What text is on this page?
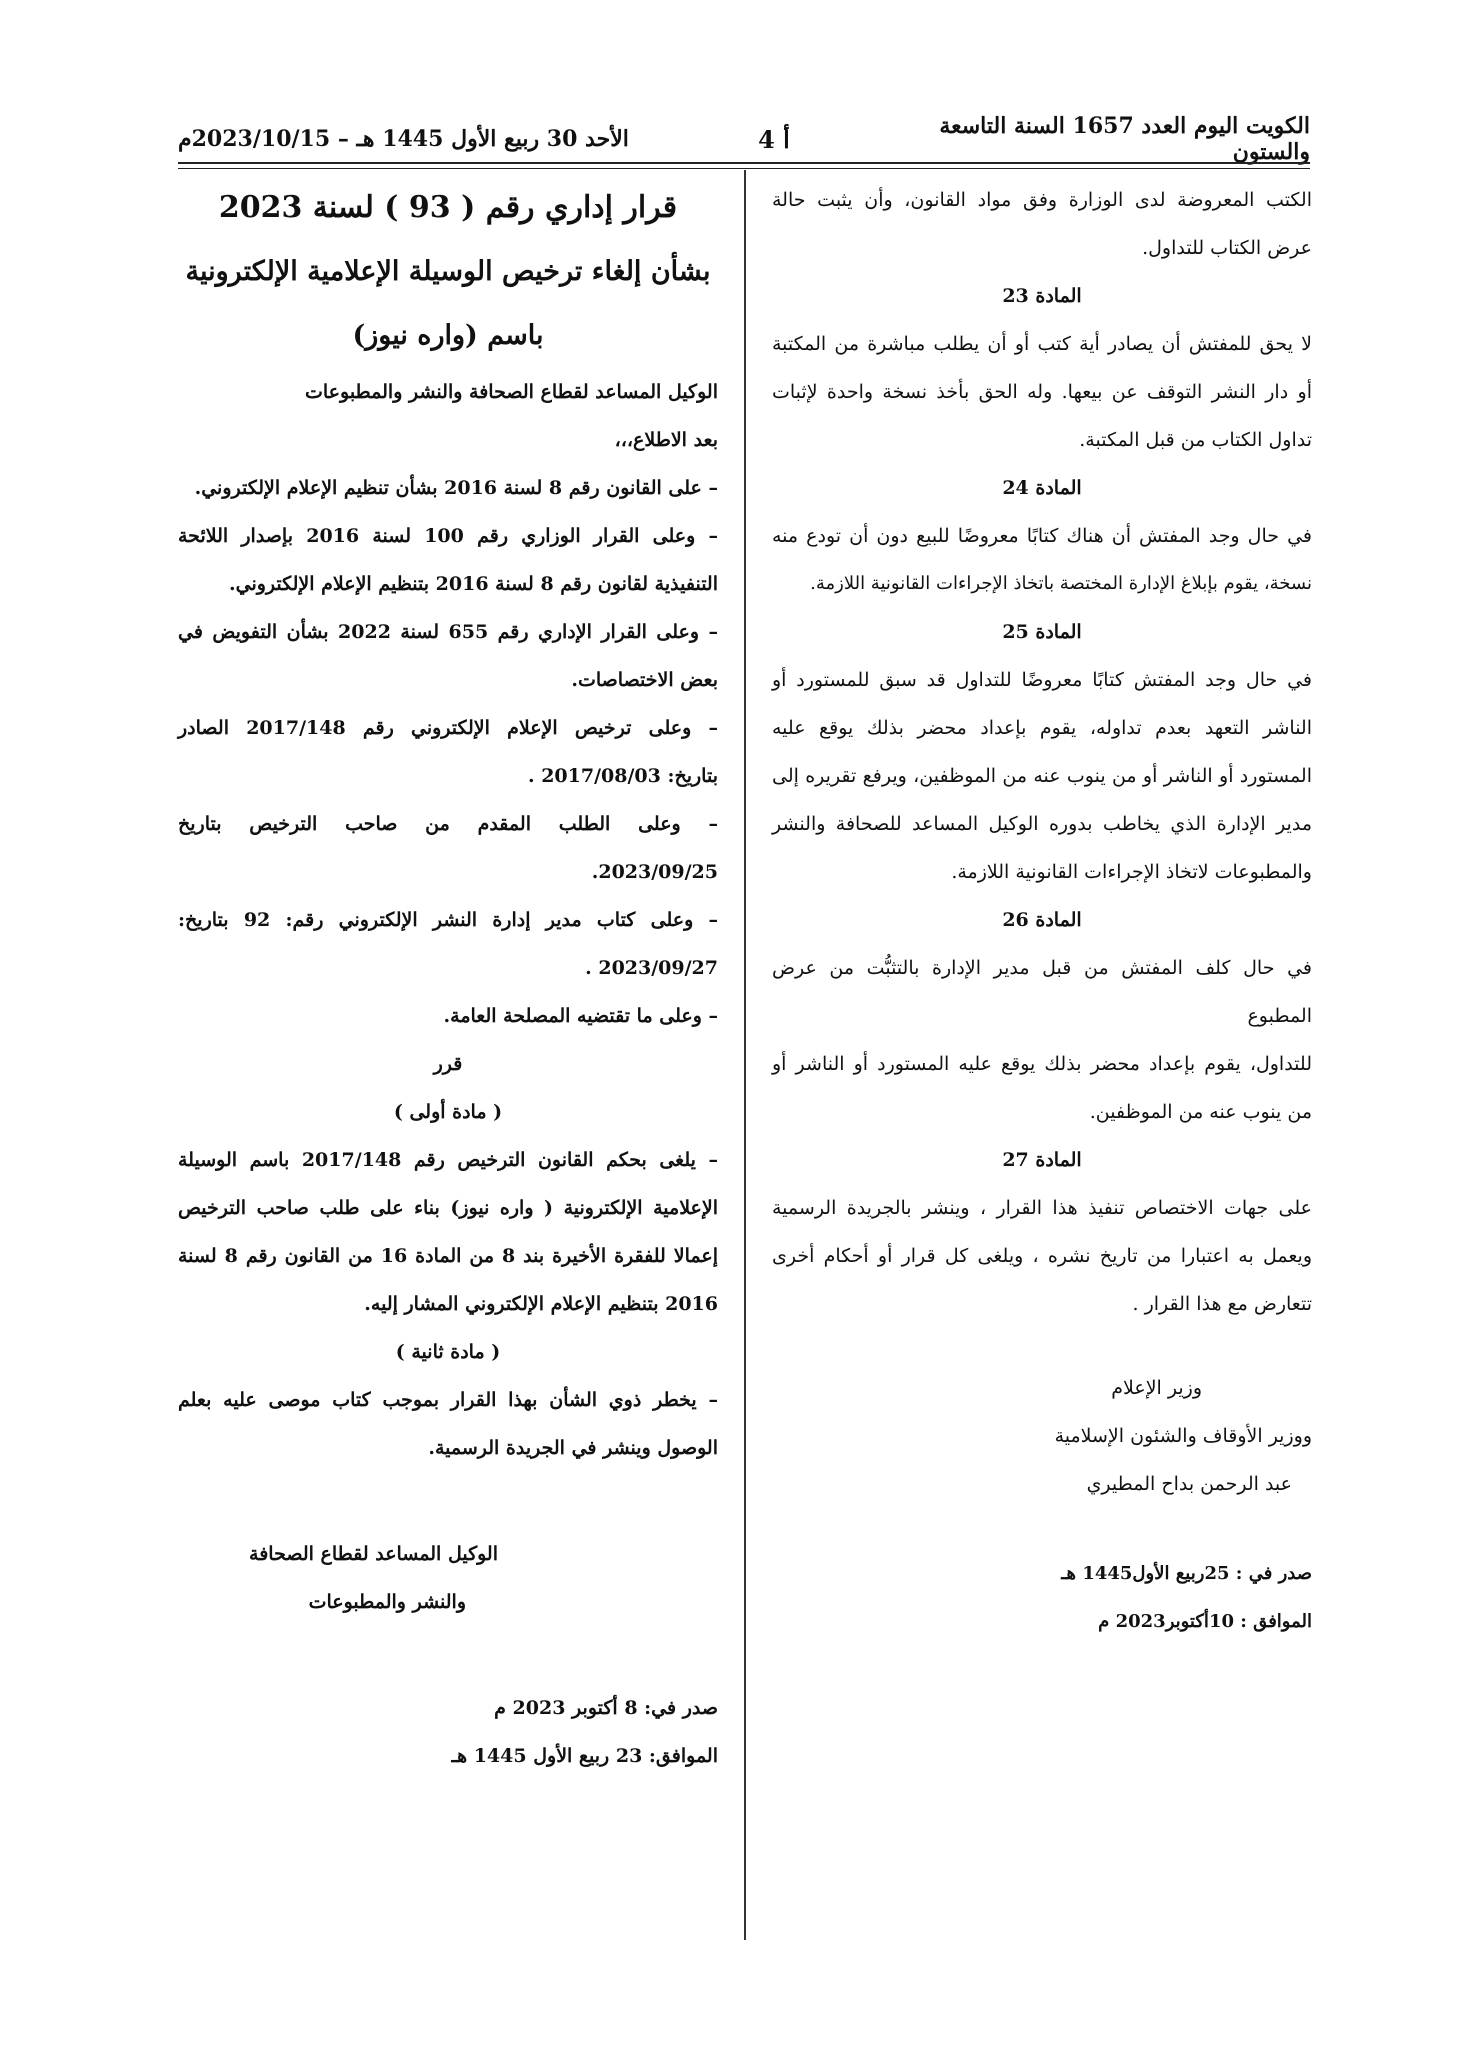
الكويت اليوم العدد 1657 السنة التاسعة والستون
أ 4
الأحد 30 ربيع الأول 1445 هـ – 2023/10/15م

الكتب المعروضة لدى الوزارة وفق مواد القانون، وأن يثبت حالة

عرض الكتاب للتداول.

المادة 23

لا يحق للمفتش أن يصادر أية كتب أو أن يطلب مباشرة من المكتبة

أو دار النشر التوقف عن بيعها. وله الحق بأخذ نسخة واحدة لإثبات

تداول الكتاب من قبل المكتبة.

المادة 24

في حال وجد المفتش أن هناك كتابًا معروضًا للبيع دون أن تودع منه

نسخة، يقوم بإبلاغ الإدارة المختصة باتخاذ الإجراءات القانونية اللازمة.

المادة 25

في حال وجد المفتش كتابًا معروضًا للتداول قد سبق للمستورد أو

الناشر التعهد بعدم تداوله، يقوم بإعداد محضر بذلك يوقع عليه

المستورد أو الناشر أو من ينوب عنه من الموظفين، ويرفع تقريره إلى

مدير الإدارة الذي يخاطب بدوره الوكيل المساعد للصحافة والنشر

والمطبوعات لاتخاذ الإجراءات القانونية اللازمة.

المادة 26

في حال كلف المفتش من قبل مدير الإدارة بالتثبُّت من عرض المطبوع

للتداول، يقوم بإعداد محضر بذلك يوقع عليه المستورد أو الناشر أو

من ينوب عنه من الموظفين.

المادة 27

على جهات الاختصاص تنفيذ هذا القرار ، وينشر بالجريدة الرسمية

ويعمل به اعتبارا من تاريخ نشره ، ويلغى كل قرار أو أحكام أخرى

تتعارض مع هذا القرار .

وزير الإعلام

ووزير الأوقاف والشئون الإسلامية

عبد الرحمن بداح المطيري

صدر في : 25ربيع الأول1445 هـ

الموافق : 10أكتوبر2023 م

قرار إداري رقم ( 93 ) لسنة 2023
بشأن إلغاء ترخيص الوسيلة الإعلامية الإلكترونية
باسم (واره نيوز)

الوكيل المساعد لقطاع الصحافة والنشر والمطبوعات

بعد الاطلاع،،،

– على القانون رقم 8 لسنة 2016 بشأن تنظيم الإعلام الإلكتروني.

– وعلى القرار الوزاري رقم 100 لسنة 2016 بإصدار اللائحة

التنفيذية لقانون رقم 8 لسنة 2016 بتنظيم الإعلام الإلكتروني.

– وعلى القرار الإداري رقم 655 لسنة 2022 بشأن التفويض في

بعض الاختصاصات.

– وعلى ترخيص الإعلام الإلكتروني رقم 2017/148 الصادر

بتاريخ: 2017/08/03 .

– وعلى الطلب المقدم من صاحب الترخيص بتاريخ

2023/09/25.

– وعلى كتاب مدير إدارة النشر الإلكتروني رقم: 92 بتاريخ:

2023/09/27 .

– وعلى ما تقتضيه المصلحة العامة.

قرر

( مادة أولى )

– يلغى بحكم القانون الترخيص رقم 2017/148 باسم الوسيلة

الإعلامية الإلكترونية ( واره نيوز) بناء على طلب صاحب الترخيص

إعمالا للفقرة الأخيرة بند 8 من المادة 16 من القانون رقم 8 لسنة

2016 بتنظيم الإعلام الإلكتروني المشار إليه.

( مادة ثانية )

– يخطر ذوي الشأن بهذا القرار بموجب كتاب موصى عليه بعلم

الوصول وينشر في الجريدة الرسمية.

الوكيل المساعد لقطاع الصحافة

والنشر والمطبوعات

صدر في: 8 أكتوبر 2023 م

الموافق: 23 ربيع الأول 1445 هـ
